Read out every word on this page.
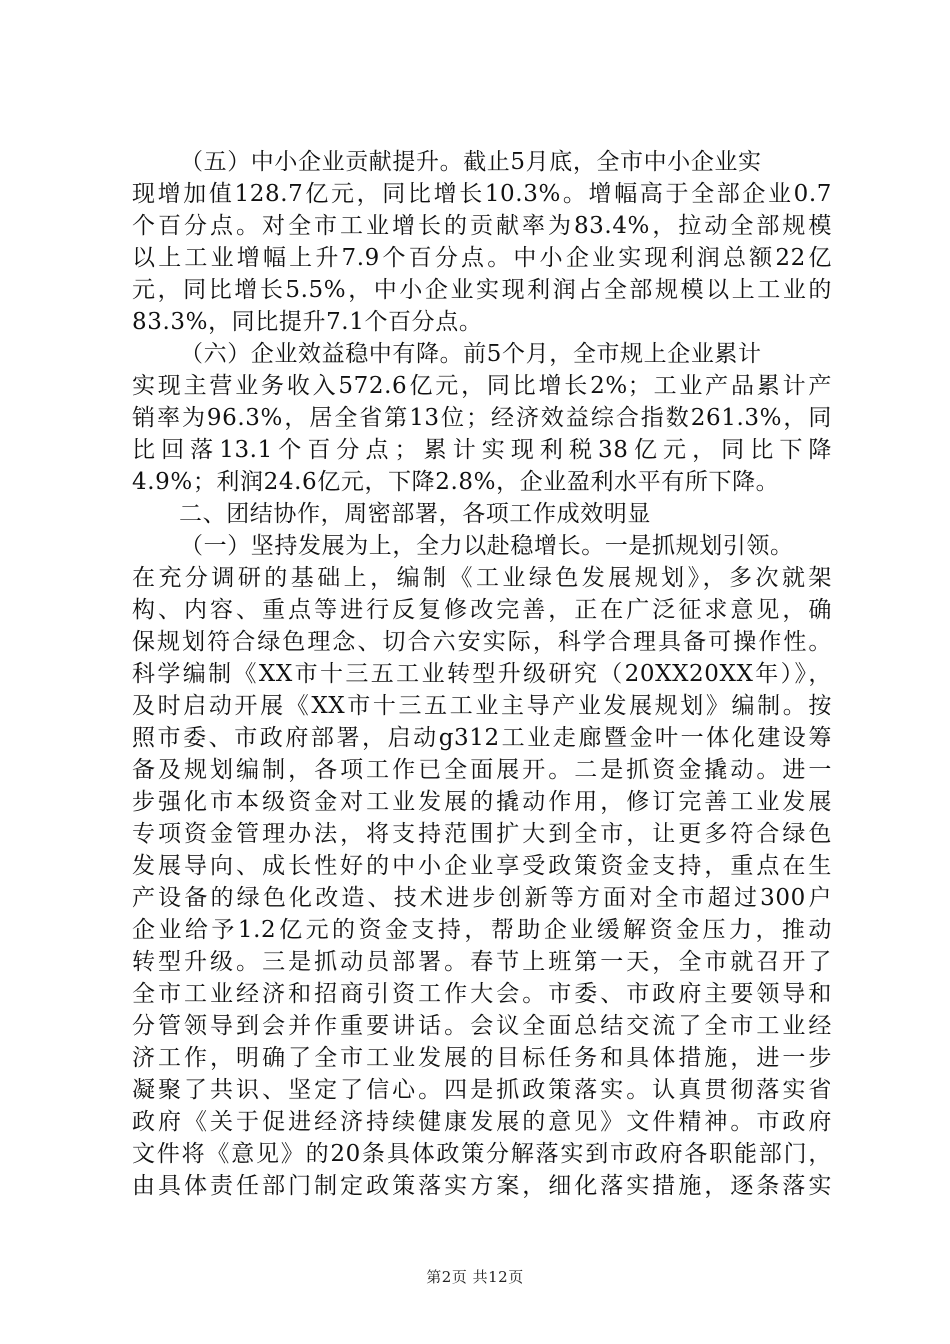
（五）中小企业贡献提升。截止5月底，全市中小企业实
现增加值128.7亿元，同比增长10.3%。增幅高于全部企业0.7
个百分点。对全市工业增长的贡献率为83.4%，拉动全部规模
以上工业增幅上升7.9个百分点。中小企业实现利润总额22亿
元，同比增长5.5%，中小企业实现利润占全部规模以上工业的
83.3%，同比提升7.1个百分点。
（六）企业效益稳中有降。前5个月，全市规上企业累计
实现主营业务收入572.6亿元，同比增长2%；工业产品累计产
销率为96.3%，居全省第13位；经济效益综合指数261.3%，同
比回落13.1个百分点；累计实现利税38亿元，同比下降
4.9%；利润24.6亿元，下降2.8%，企业盈利水平有所下降。
二、团结协作，周密部署，各项工作成效明显
（一）坚持发展为上，全力以赴稳增长。一是抓规划引领。
在充分调研的基础上，编制《工业绿色发展规划》，多次就架
构、内容、重点等进行反复修改完善，正在广泛征求意见，确
保规划符合绿色理念、切合六安实际，科学合理具备可操作性。
科学编制《XX市十三五工业转型升级研究（20XX20XX年）》，
及时启动开展《XX市十三五工业主导产业发展规划》编制。按
照市委、市政府部署，启动g312工业走廊暨金叶一体化建设筹
备及规划编制，各项工作已全面展开。二是抓资金撬动。进一
步强化市本级资金对工业发展的撬动作用，修订完善工业发展
专项资金管理办法，将支持范围扩大到全市，让更多符合绿色
发展导向、成长性好的中小企业享受政策资金支持，重点在生
产设备的绿色化改造、技术进步创新等方面对全市超过300户
企业给予1.2亿元的资金支持，帮助企业缓解资金压力，推动
转型升级。三是抓动员部署。春节上班第一天，全市就召开了
全市工业经济和招商引资工作大会。市委、市政府主要领导和
分管领导到会并作重要讲话。会议全面总结交流了全市工业经
济工作，明确了全市工业发展的目标任务和具体措施，进一步
凝聚了共识、坚定了信心。四是抓政策落实。认真贯彻落实省
政府《关于促进经济持续健康发展的意见》文件精神。市政府
文件将《意见》的20条具体政策分解落实到市政府各职能部门，
由具体责任部门制定政策落实方案，细化落实措施，逐条落实
第2页 共12页
